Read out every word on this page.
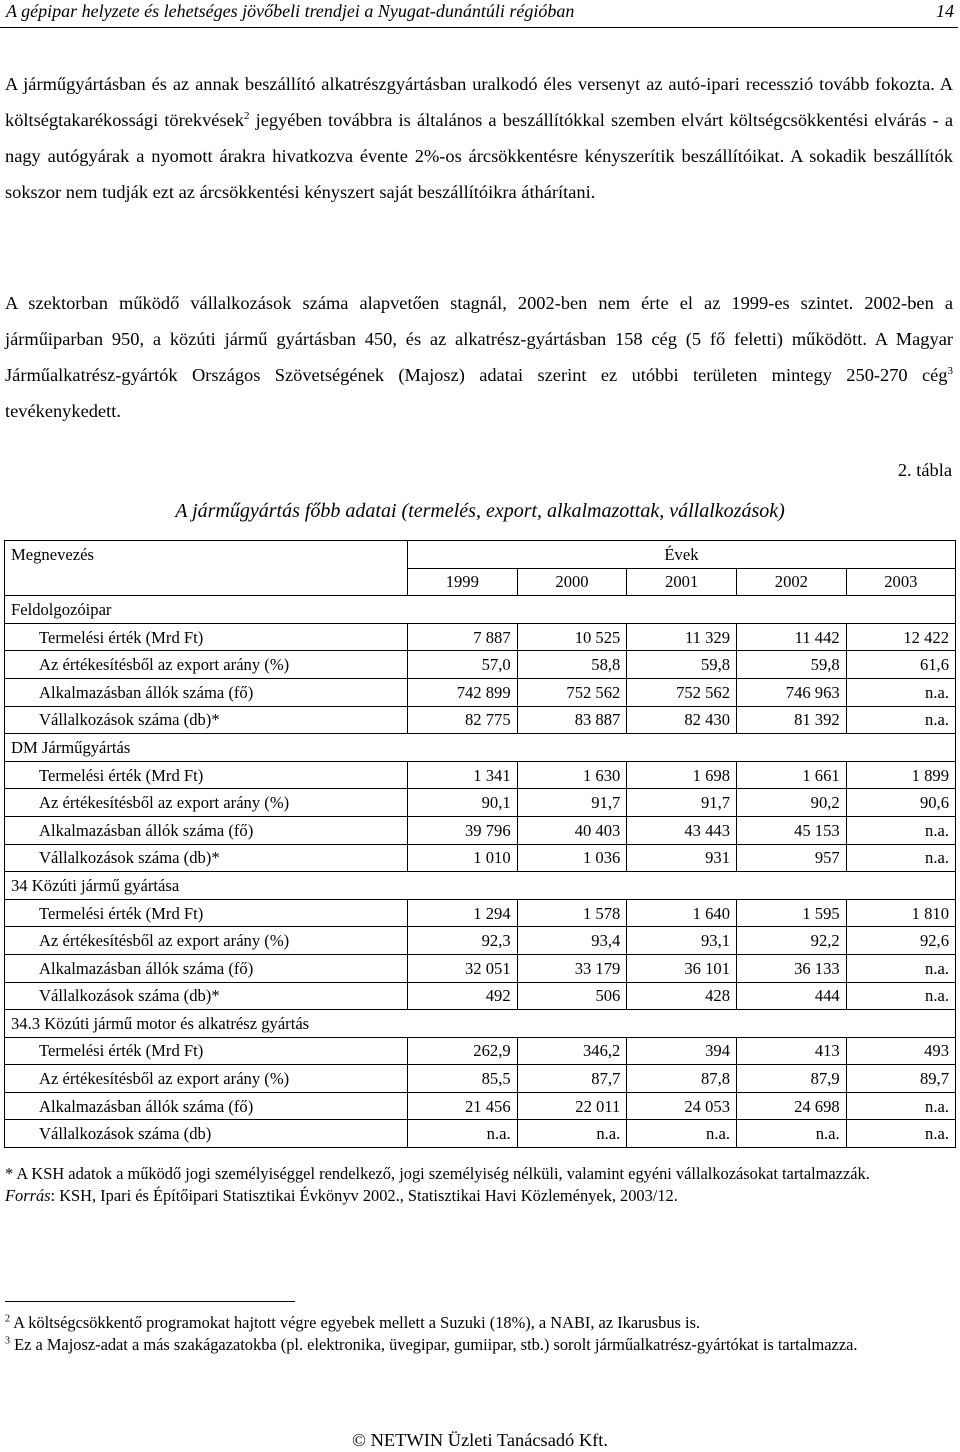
A gépipar helyzete és lehetséges jövőbeli trendjei a Nyugat-dunántúli régióban	14
A járműgyártásban és az annak beszállító alkatrészgyártásban uralkodó éles versenyt az autó-ipari recesszió tovább fokozta. A költségtakarékossági törekvések$^2$ jegyében továbbra is általános a beszállítókkal szemben elvárt költségcsökkentési elvárás - a nagy autógyárak a nyomott árakra hivatkozva évente 2%-os árcsökkentésre kényszerítik beszállítóikat. A sokadik beszállítók sokszor nem tudják ezt az árcsökkentési kényszert saját beszállítóikra áthárítani.
A szektorban működő vállalkozások száma alapvetően stagnál, 2002-ben nem érte el az 1999-es szintet. 2002-ben a járműiparban 950, a közúti jármű gyártásban 450, és az alkatrész-gyártásban 158 cég (5 fő feletti) működött. A Magyar Járműalkatrész-gyártók Országos Szövetségének (Majosz) adatai szerint ez utóbbi területen mintegy 250-270 cég$^3$ tevékenykedett.
2. tábla
A járműgyártás főbb adatai (termelés, export, alkalmazottak, vállalkozások)
Megnevezés	Évek				
	1999	2000	2001	2002	2003
Feldolgozóipar					
Termelési érték (Mrd Ft)	7 887	10 525	11 329	11 442	12 422
Az értékesítésből az export arány (%)	57,0	58,8	59,8	59,8	61,6
Alkalmazásban állók száma (fő)	742 899	752 562	752 562	746 963	n.a.
Vállalkozások száma (db)*	82 775	83 887	82 430	81 392	n.a.
DM Járműgyártás					
Termelési érték (Mrd Ft)	1 341	1 630	1 698	1 661	1 899
Az értékesítésből az export arány (%)	90,1	91,7	91,7	90,2	90,6
Alkalmazásban állók száma (fő)	39 796	40 403	43 443	45 153	n.a.
Vállalkozások száma (db)*	1 010	1 036	931	957	n.a.
34 Közúti jármű gyártása					
Termelési érték (Mrd Ft)	1 294	1 578	1 640	1 595	1 810
Az értékesítésből az export arány (%)	92,3	93,4	93,1	92,2	92,6
Alkalmazásban állók száma (fő)	32 051	33 179	36 101	36 133	n.a.
Vállalkozások száma (db)*	492	506	428	444	n.a.
34.3 Közúti jármű motor és alkatrész gyártás					
Termelési érték (Mrd Ft)	262,9	346,2	394	413	493
Az értékesítésből az export arány (%)	85,5	87,7	87,8	87,9	89,7
Alkalmazásban állók száma (fő)	21 456	22 011	24 053	24 698	n.a.
Vállalkozások száma (db)	n.a.	n.a.	n.a.	n.a.	n.a.
* A KSH adatok a működő jogi személyiséggel rendelkező, jogi személyiség nélküli, valamint egyéni vállalkozásokat tartalmazzák.
Forrás: KSH, Ipari és Építőipari Statisztikai Évkönyv 2002., Statisztikai Havi Közlemények, 2003/12.
$^2$ A költségcsökkentő programokat hajtott végre egyebek mellett a Suzuki (18%), a NABI, az Ikarusbus is.
$^3$ Ez a Majosz-adat a más szakágazatokba (pl. elektronika, üvegipar, gumiipar, stb.) sorolt járműalkatrész-gyártókat is tartalmazza.
© NETWIN Üzleti Tanácsadó Kft.
